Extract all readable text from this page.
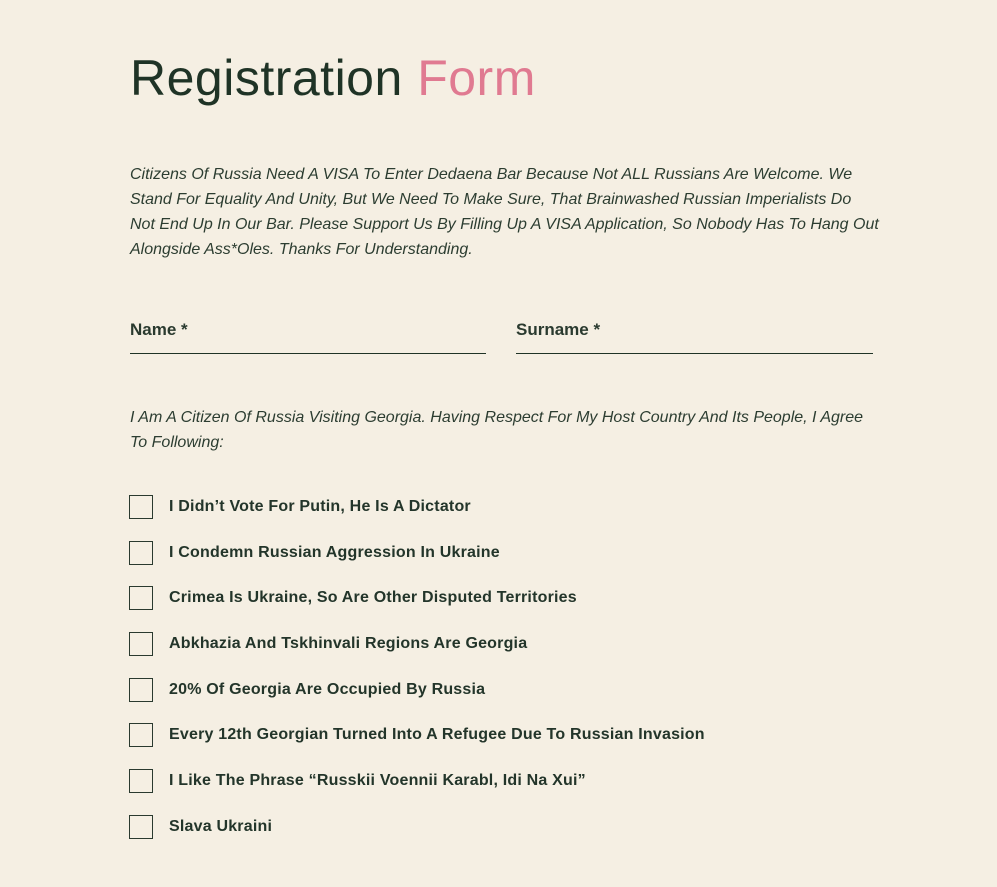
Registration Form

Citizens Of Russia Need A VISA To Enter Dedaena Bar Because Not ALL Russians Are Welcome. We Stand For Equality And Unity, But We Need To Make Sure, That Brainwashed Russian Imperialists Do Not End Up In Our Bar. Please Support Us By Filling Up A VISA Application, So Nobody Has To Hang Out Alongside Ass*Oles. Thanks For Understanding.

Name *	Surname *

I Am A Citizen Of Russia Visiting Georgia. Having Respect For My Host Country And Its People, I Agree To Following:

I Didn’t Vote For Putin, He Is A Dictator
I Condemn Russian Aggression In Ukraine
Crimea Is Ukraine, So Are Other Disputed Territories
Abkhazia And Tskhinvali Regions Are Georgia
20% Of Georgia Are Occupied By Russia
Every 12th Georgian Turned Into A Refugee Due To Russian Invasion
I Like The Phrase “Russkii Voennii Karabl, Idi Na Xui”
Slava Ukraini
